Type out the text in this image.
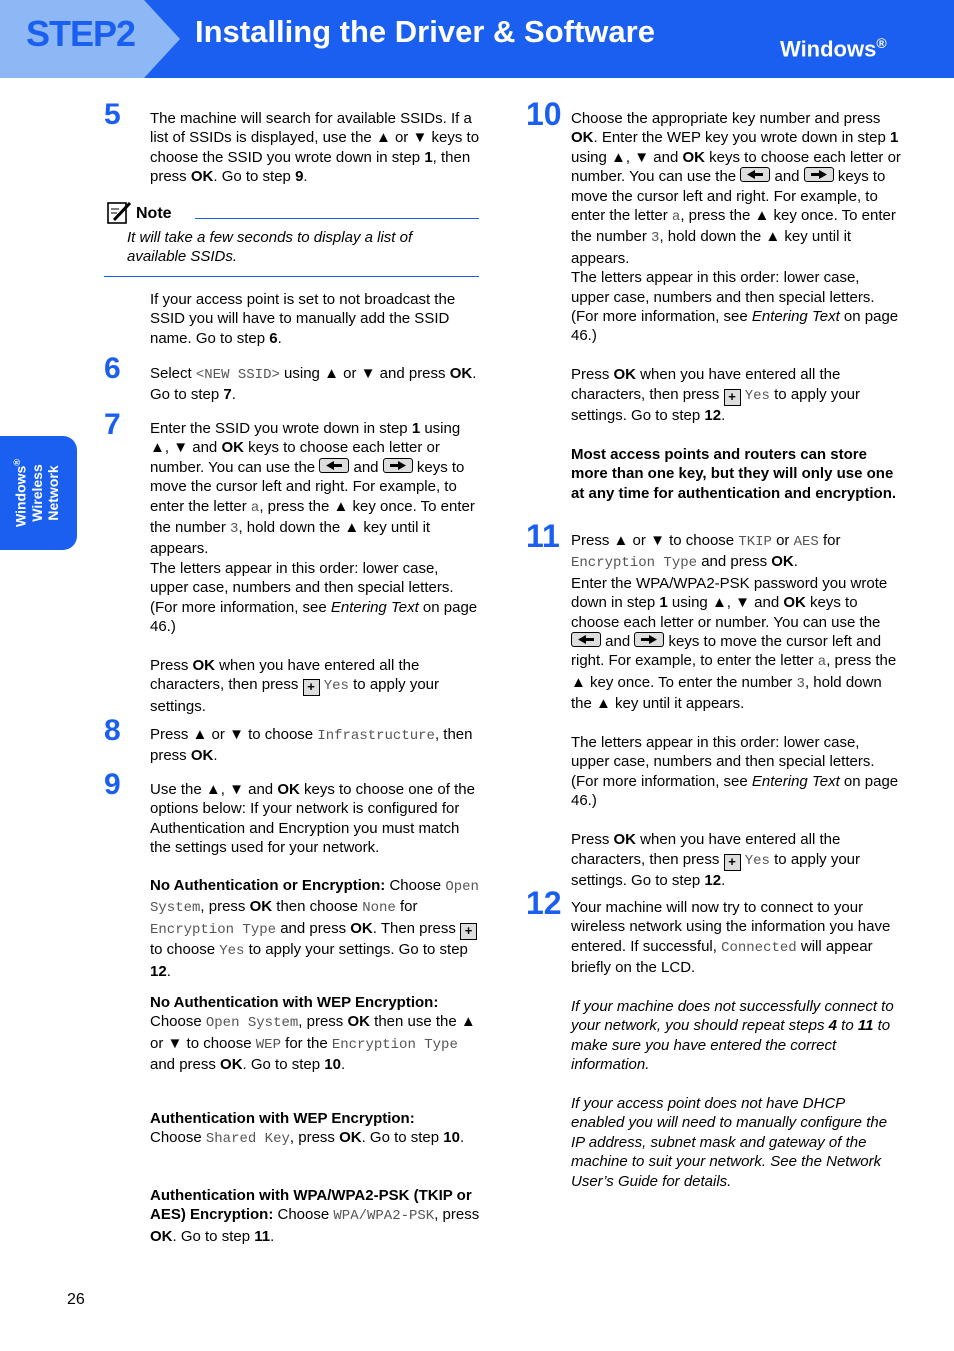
STEP2 Installing the Driver & Software	Windows®
Windows®
Wireless Network
5 The machine will search for available SSIDs. If a list of SSIDs is displayed, use the ▲ or ▼ keys to choose the SSID you wrote down in step 1, then press OK. Go to step 9.
Note
It will take a few seconds to display a list of available SSIDs.
If your access point is set to not broadcast the SSID you will have to manually add the SSID name. Go to step 6.
6 Select <NEW SSID> using ▲ or ▼ and press OK. Go to step 7.
7 Enter the SSID you wrote down in step 1 using ▲, ▼ and OK keys to choose each letter or number. You can use the
and
keys to move the cursor left and right. For example, to enter the letter a, press the ▲ key once. To enter the number 3, hold down the ▲ key until it appears.
The letters appear in this order: lower case, upper case, numbers and then special letters. (For more information, see Entering Text on page 46.)

Press OK when you have entered all the characters, then press + Yes to apply your settings.
8 Press ▲ or ▼ to choose Infrastructure, then press OK.
9 Use the ▲, ▼ and OK keys to choose one of the options below: If your network is configured for Authentication and Encryption you must match the settings used for your network.
No Authentication or Encryption: Choose Open System, press OK then choose None for Encryption Type and press OK. Then press + to choose Yes to apply your settings. Go to step 12.
No Authentication with WEP Encryption:
Choose Open System, press OK then use the ▲ or ▼ to choose WEP for the Encryption Type and press OK. Go to step 10.
Authentication with WEP Encryption:
Choose Shared Key, press OK. Go to step 10.
Authentication with WPA/WPA2-PSK (TKIP or AES) Encryption: Choose WPA/WPA2-PSK, press OK. Go to step 11.
10 Choose the appropriate key number and press OK. Enter the WEP key you wrote down in step 1 using ▲, ▼ and OK keys to choose each letter or number. You can use the
and
keys to move the cursor left and right. For example, to enter the letter a, press the ▲ key once. To enter the number 3, hold down the ▲ key until it appears.
The letters appear in this order: lower case, upper case, numbers and then special letters. (For more information, see Entering Text on page 46.)

Press OK when you have entered all the characters, then press + Yes to apply your settings. Go to step 12.

Most access points and routers can store more than one key, but they will only use one at any time for authentication and encryption.
11 Press ▲ or ▼ to choose TKIP or AES for Encryption Type and press OK.
Enter the WPA/WPA2-PSK password you wrote down in step 1 using ▲, ▼ and OK keys to choose each letter or number. You can use the
and
keys to move the cursor left and right. For example, to enter the letter a, press the ▲ key once. To enter the number 3, hold down the ▲ key until it appears.

The letters appear in this order: lower case, upper case, numbers and then special letters. (For more information, see Entering Text on page 46.)

Press OK when you have entered all the characters, then press + Yes to apply your settings. Go to step 12.
12 Your machine will now try to connect to your wireless network using the information you have entered. If successful, Connected will appear briefly on the LCD.

If your machine does not successfully connect to your network, you should repeat steps 4 to 11 to make sure you have entered the correct information.

If your access point does not have DHCP enabled you will need to manually configure the IP address, subnet mask and gateway of the machine to suit your network. See the Network User’s Guide for details.
26
